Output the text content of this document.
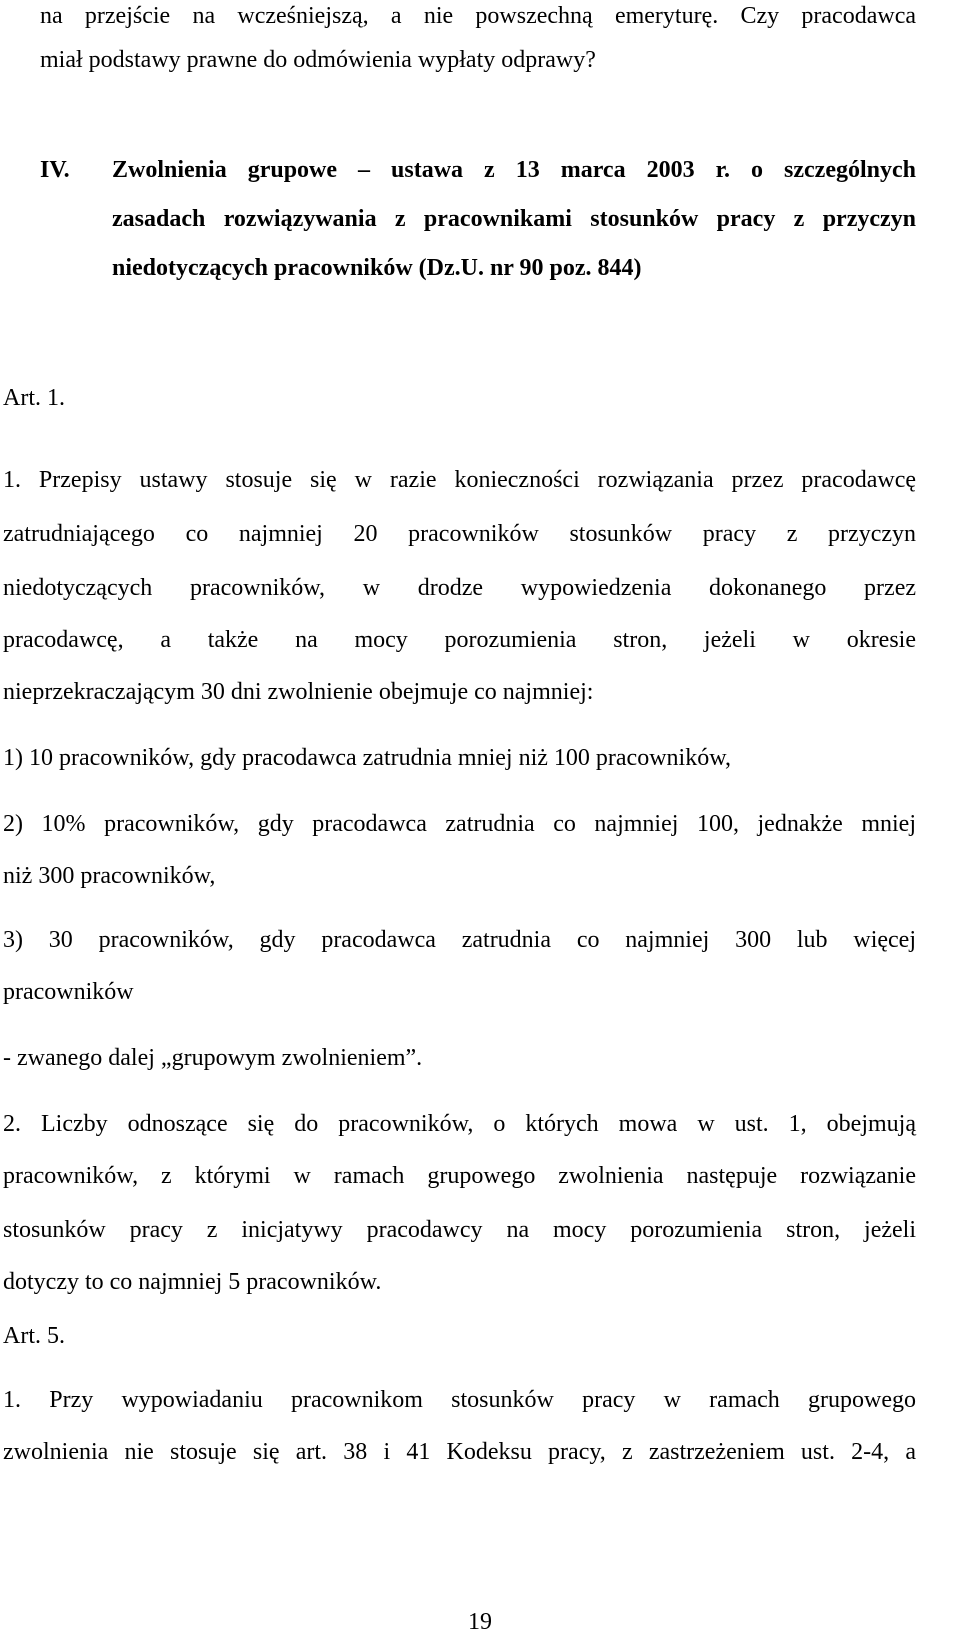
na przejście na wcześniejszą, a nie powszechną emeryturę. Czy pracodawca
miał podstawy prawne do odmówienia wypłaty odprawy?
IV. Zwolnienia grupowe – ustawa z 13 marca 2003 r. o szczególnych
zasadach rozwiązywania z pracownikami stosunków pracy z przyczyn
niedotyczących pracowników (Dz.U. nr 90 poz. 844)
Art. 1.
1. Przepisy ustawy stosuje się w razie konieczności rozwiązania przez pracodawcę
zatrudniającego co najmniej 20 pracowników stosunków pracy z przyczyn
niedotyczących pracowników, w drodze wypowiedzenia dokonanego przez
pracodawcę, a także na mocy porozumienia stron, jeżeli w okresie
nieprzekraczającym 30 dni zwolnienie obejmuje co najmniej:
1) 10 pracowników, gdy pracodawca zatrudnia mniej niż 100 pracowników,
2) 10% pracowników, gdy pracodawca zatrudnia co najmniej 100, jednakże mniej
niż 300 pracowników,
3) 30 pracowników, gdy pracodawca zatrudnia co najmniej 300 lub więcej
pracowników
- zwanego dalej „grupowym zwolnieniem”.
2. Liczby odnoszące się do pracowników, o których mowa w ust. 1, obejmują
pracowników, z którymi w ramach grupowego zwolnienia następuje rozwiązanie
stosunków pracy z inicjatywy pracodawcy na mocy porozumienia stron, jeżeli
dotyczy to co najmniej 5 pracowników.
Art. 5.
1. Przy wypowiadaniu pracownikom stosunków pracy w ramach grupowego
zwolnienia nie stosuje się art. 38 i 41 Kodeksu pracy, z zastrzeżeniem ust. 2-4, a
19
